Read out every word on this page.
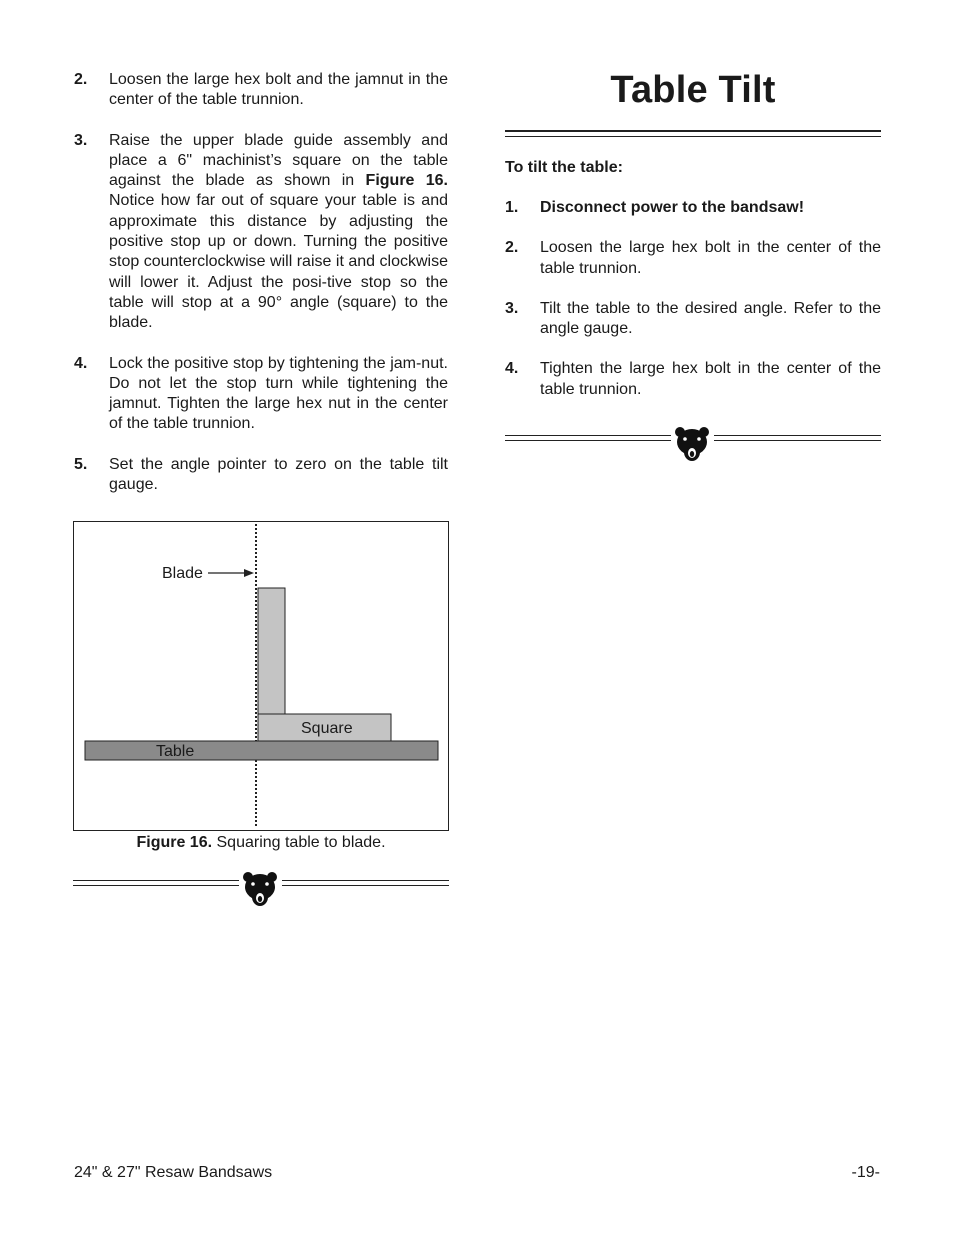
2.	Loosen the large hex bolt and the jamnut in the center of the table trunnion.
3.	Raise the upper blade guide assembly and place a 6" machinist’s square on the table against the blade as shown in Figure 16. Notice how far out of square your table is and approximate this distance by adjusting the positive stop up or down. Turning the positive stop counterclockwise will raise it and clockwise will lower it. Adjust the posi-tive stop so the table will stop at a 90° angle (square) to the blade.
4.	Lock the positive stop by tightening the jam-nut. Do not let the stop turn while tightening the jamnut. Tighten the large hex nut in the center of the table trunnion.
5.	Set the angle pointer to zero on the table tilt gauge.
Blade
Square
Table
Figure 16. Squaring table to blade.
Table Tilt
To tilt the table:
1.	Disconnect power to the bandsaw!
2.	Loosen the large hex bolt in the center of the table trunnion.
3.	Tilt the table to the desired angle. Refer to the angle gauge.
4.	Tighten the large hex bolt in the center of the table trunnion.
24" & 27" Resaw Bandsaws	-19-
